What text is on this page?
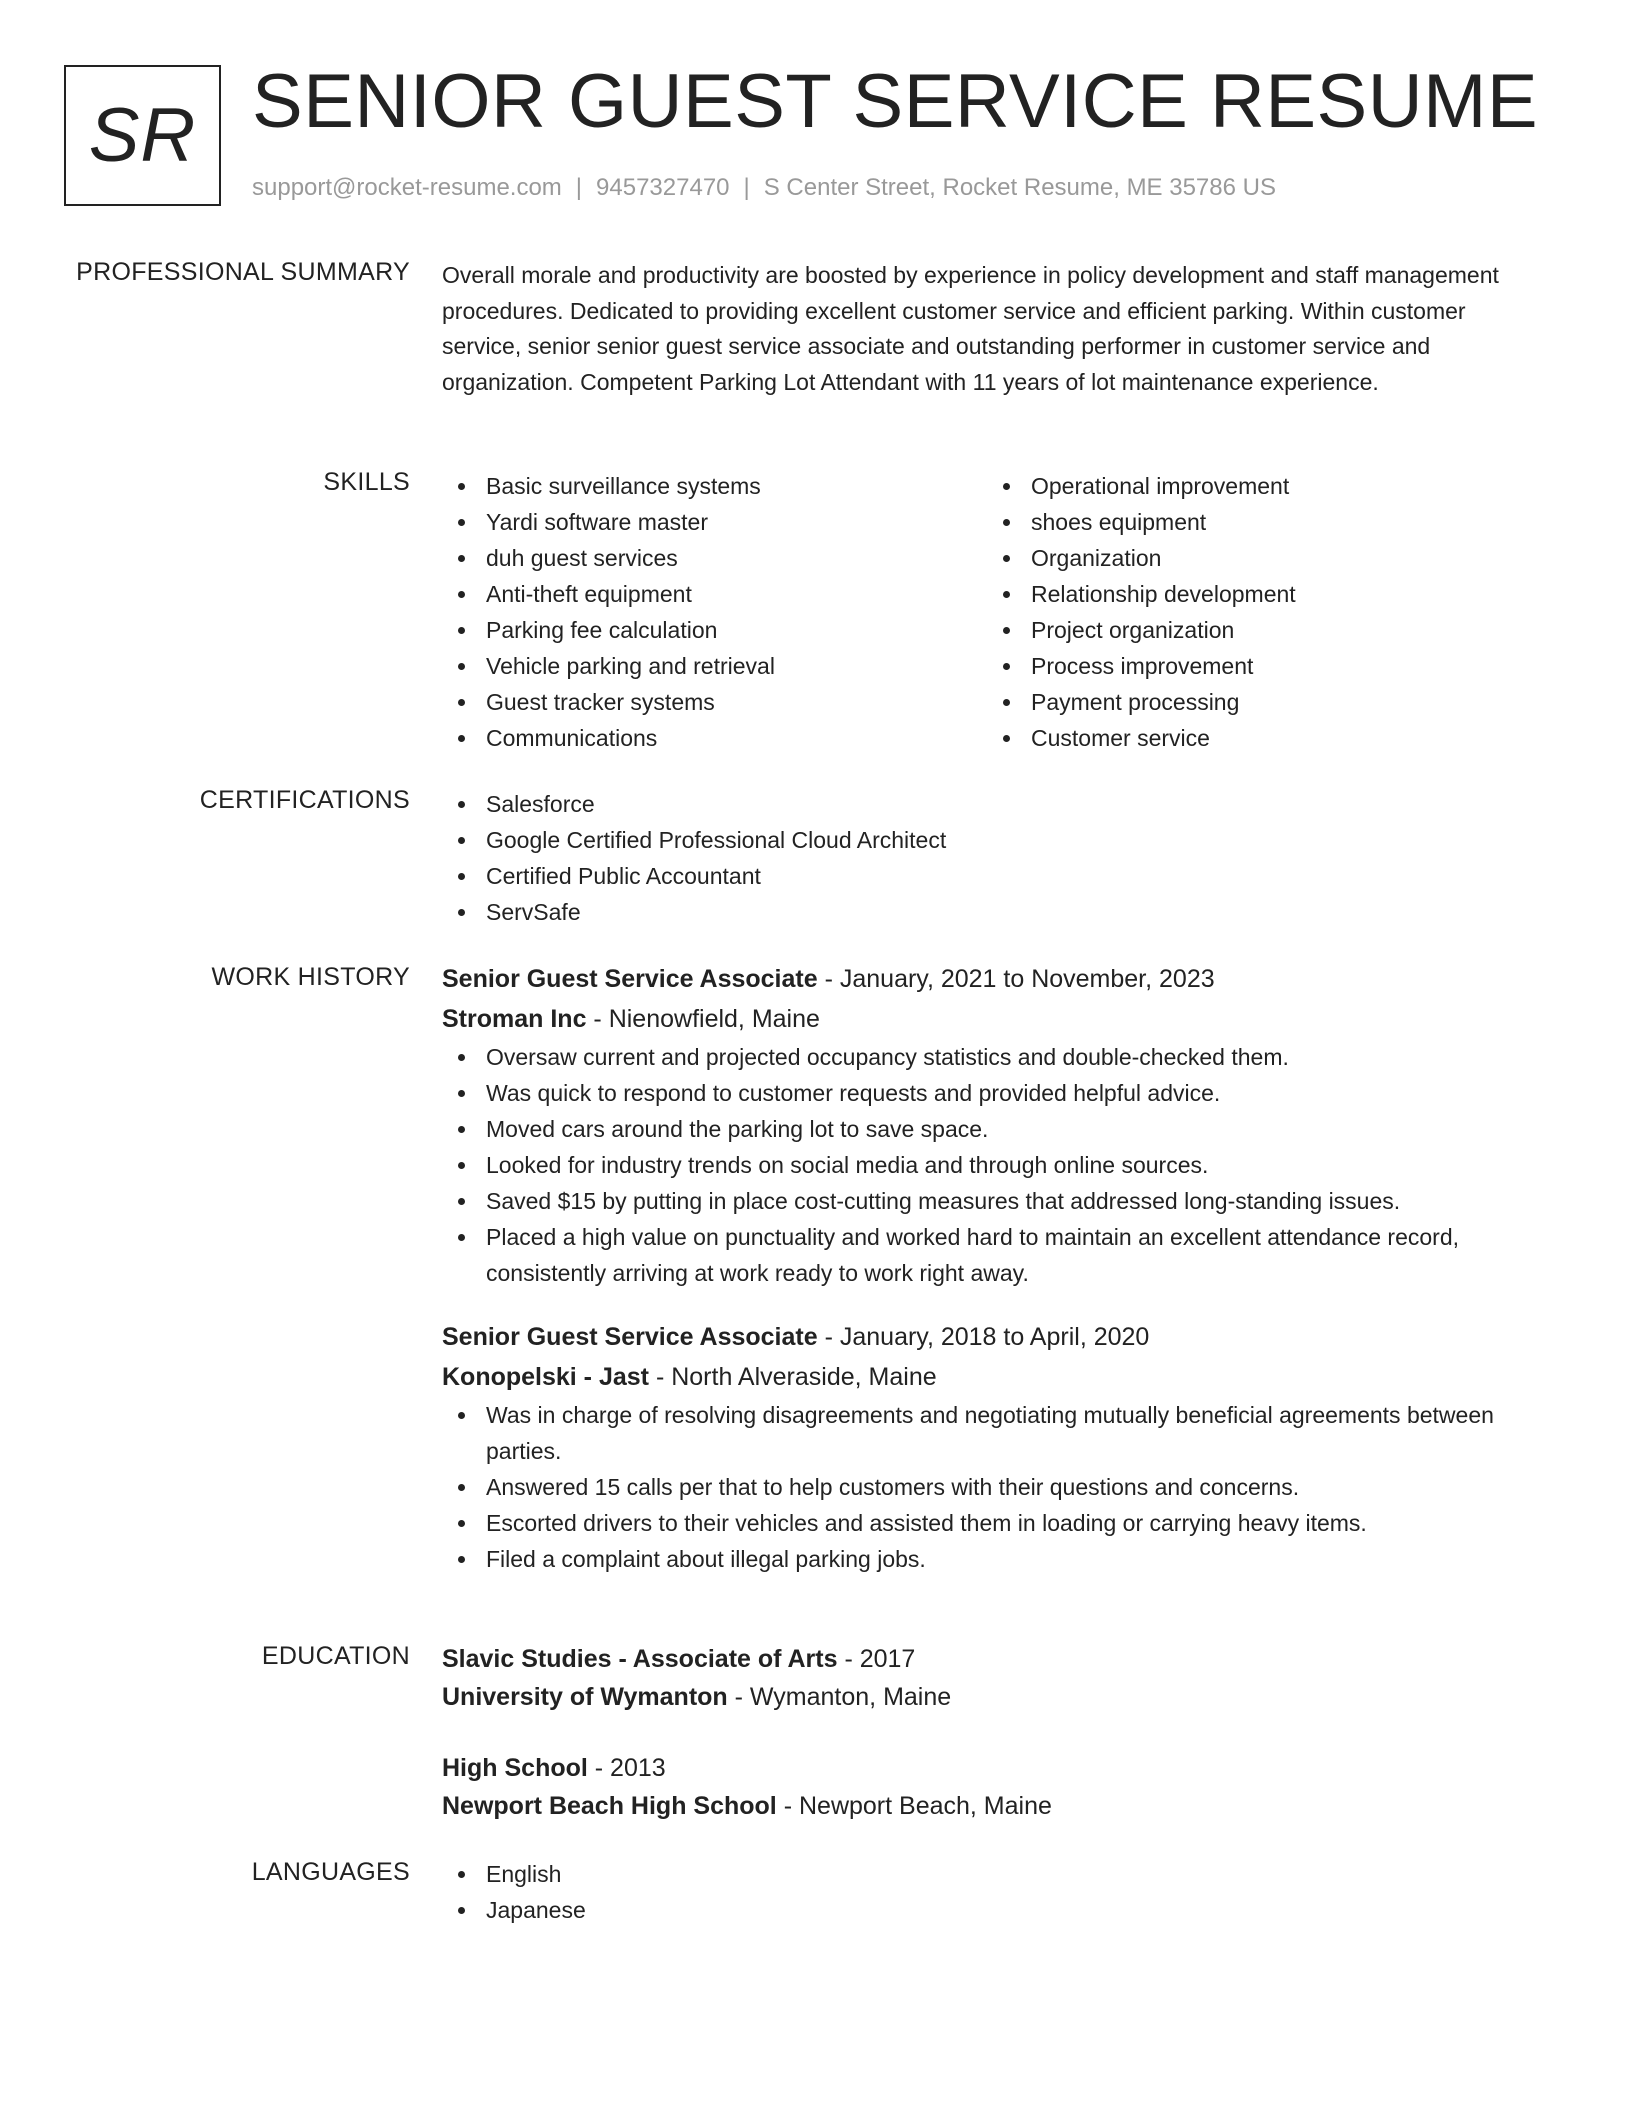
SR SENIOR GUEST SERVICE RESUME
support@rocket-resume.com | 9457327470 | S Center Street, Rocket Resume, ME 35786 US
PROFESSIONAL SUMMARY Overall morale and productivity are boosted by experience in policy development and staff management procedures. Dedicated to providing excellent customer service and efficient parking. Within customer service, senior senior guest service associate and outstanding performer in customer service and organization. Competent Parking Lot Attendant with 11 years of lot maintenance experience.

SKILLS	Basic surveillance systems
Yardi software master
duh guest services
Anti-theft equipment
Parking fee calculation
Vehicle parking and retrieval
Guest tracker systems
Communications
Operational improvement
shoes equipment
Organization
Relationship development
Project organization
Process improvement
Payment processing
Customer service
CERTIFICATIONS	Salesforce
Google Certified Professional Cloud Architect
Certified Public Accountant
ServSafe
WORK HISTORY Senior Guest Service Associate - January, 2021 to November, 2023
Stroman Inc - Nienowfield, Maine
Oversaw current and projected occupancy statistics and double-checked them.
Was quick to respond to customer requests and provided helpful advice.
Moved cars around the parking lot to save space.
Looked for industry trends on social media and through online sources.
Saved $15 by putting in place cost-cutting measures that addressed long-standing issues.
Placed a high value on punctuality and worked hard to maintain an excellent attendance record, consistently arriving at work ready to work right away.
Senior Guest Service Associate - January, 2018 to April, 2020
Konopelski - Jast - North Alveraside, Maine
Was in charge of resolving disagreements and negotiating mutually beneficial agreements between parties.
Answered 15 calls per that to help customers with their questions and concerns.
Escorted drivers to their vehicles and assisted them in loading or carrying heavy items.
Filed a complaint about illegal parking jobs.
EDUCATION Slavic Studies - Associate of Arts - 2017
University of Wymanton - Wymanton, Maine
High School - 2013
Newport Beach High School - Newport Beach, Maine
LANGUAGES	English
Japanese
